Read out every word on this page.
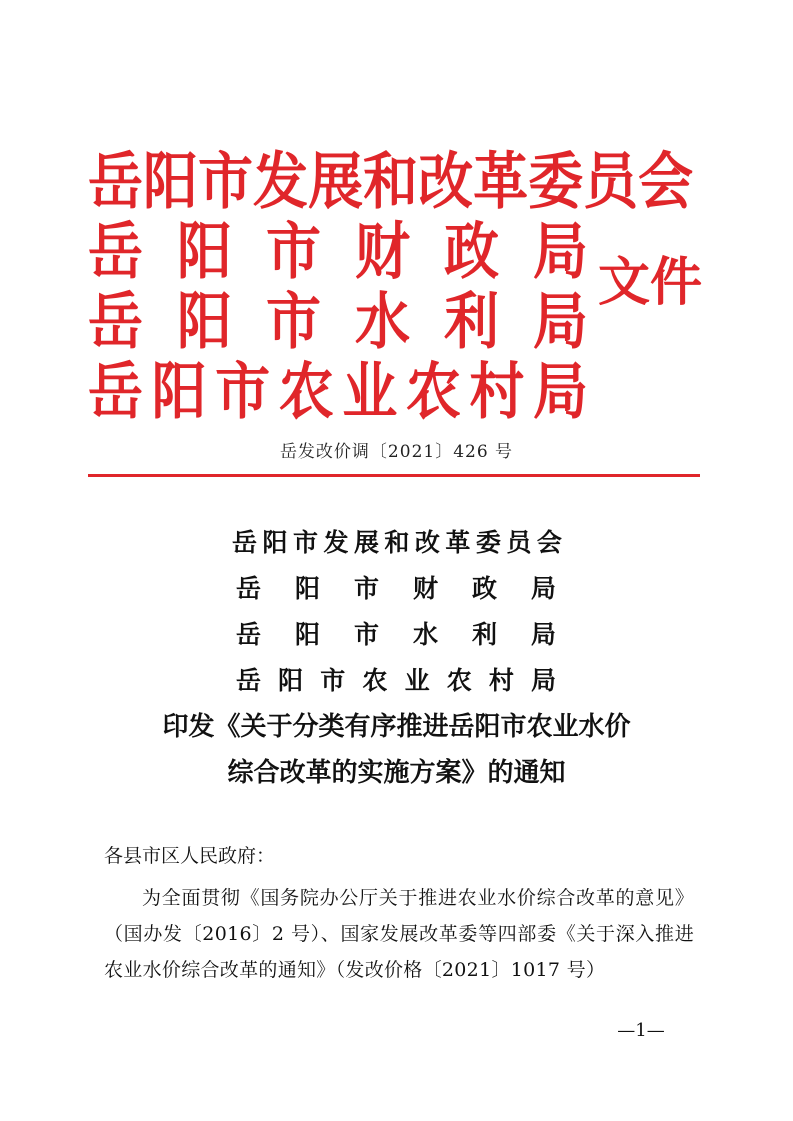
岳 阳 市 发 展 和 改 革 委 员 会
岳 阳 市 财 政 局
岳 阳 市 水 利 局
岳 阳 市 农 业 农 村 局
文件
岳发改价调〔2021〕426 号
岳 阳 市 发 展 和 改 革 委 员 会
岳 阳 市 财 政 局
岳 阳 市 水 利 局
岳 阳 市 农 业 农 村 局
印发《关于分类有序推进岳阳市农业水价
综合改革的实施方案》的通知
各县市区人民政府：
为全面贯彻《国务院办公厅关于推进农业水价综合改革的意见》（国办发〔2016〕2 号）、国家发展改革委等四部委《关于深入推进农业水价综合改革的通知》（发改价格〔2021〕1017 号）
—1—
